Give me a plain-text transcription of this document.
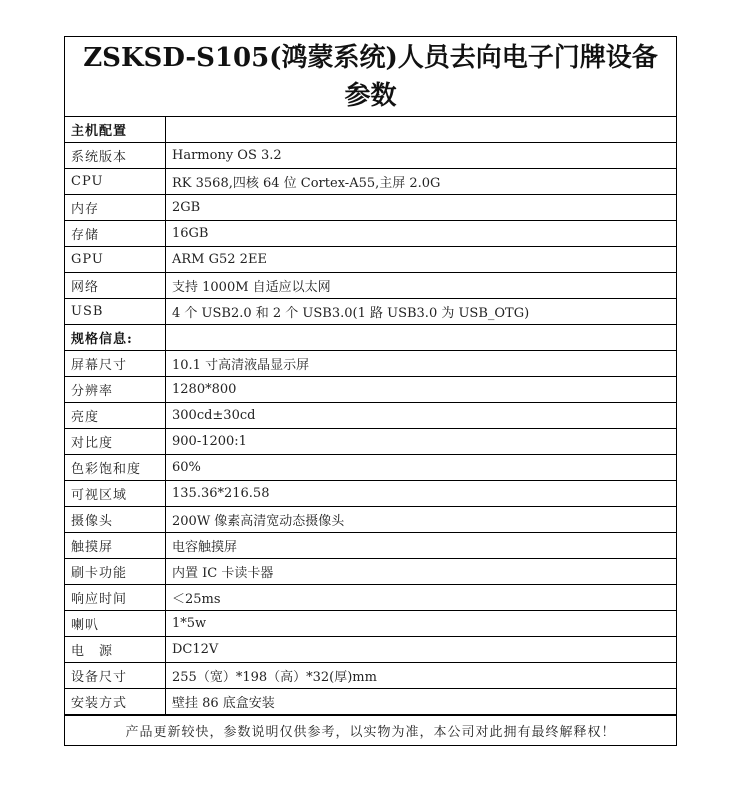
ZSKSD-S105(鸿蒙系统)人员去向电子门牌设备参数
主机配置	
系统版本	Harmony OS 3.2
CPU	RK 3568,四核 64 位 Cortex-A55,主屏 2.0G
内存	2GB
存储	16GB
GPU	ARM G52 2EE
网络	支持 1000M 自适应以太网
USB	4 个 USB2.0 和 2 个 USB3.0(1 路 USB3.0 为 USB_OTG)
规格信息:	
屏幕尺寸	10.1 寸高清液晶显示屏
分辨率	1280*800
亮度	300cd±30cd
对比度	900-1200:1
色彩饱和度	60%
可视区域	135.36*216.58
摄像头	200W 像素高清宽动态摄像头
触摸屏	电容触摸屏
刷卡功能	内置 IC 卡读卡器
响应时间	＜25ms
喇叭	1*5w
电　源	DC12V
设备尺寸	255（宽）*198（高）*32(厚)mm
安装方式	壁挂 86 底盒安装
产品更新较快，参数说明仅供参考，以实物为准，本公司对此拥有最终解释权！
